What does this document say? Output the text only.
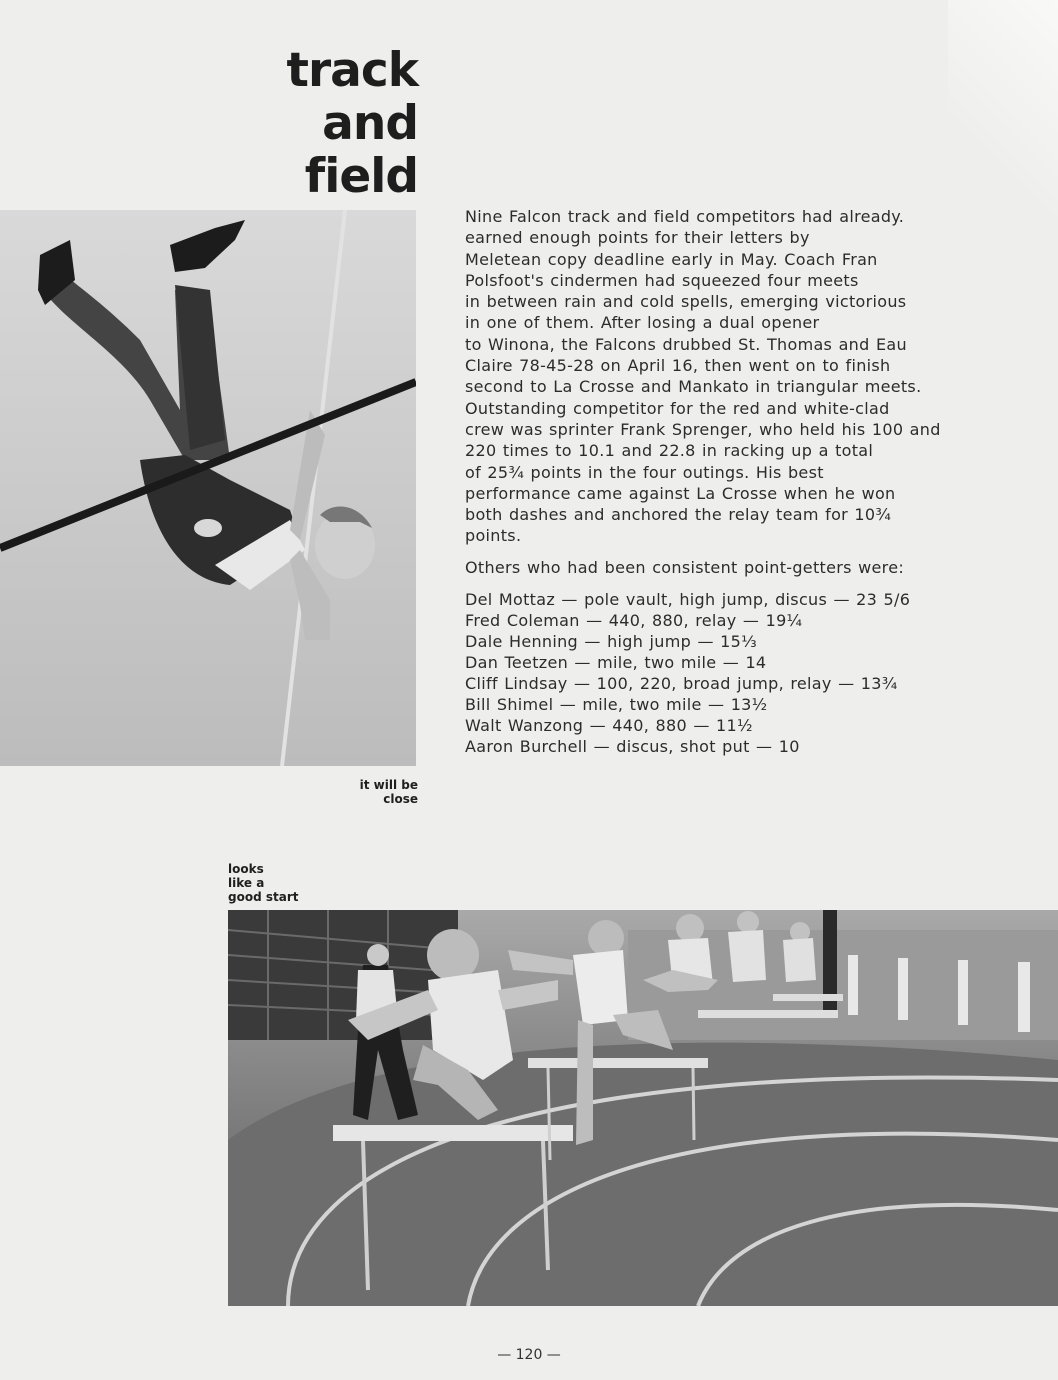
track
and
field
it will be
close
Nine Falcon track and field competitors had already.
earned enough points for their letters by
Meletean copy deadline early in May. Coach Fran
Polsfoot's cindermen had squeezed four meets
in between rain and cold spells, emerging victorious
in one of them. After losing a dual opener
to Winona, the Falcons drubbed St. Thomas and Eau
Claire 78-45-28 on April 16, then went on to finish
second to La Crosse and Mankato in triangular meets.
Outstanding competitor for the red and white-clad
crew was sprinter Frank Sprenger, who held his 100 and
220 times to 10.1 and 22.8 in racking up a total
of 25¾ points in the four outings. His best
performance came against La Crosse when he won
both dashes and anchored the relay team for 10¾
points.
Others who had been consistent point-getters were:
Del Mottaz — pole vault, high jump, discus — 23 5/6
Fred Coleman — 440, 880, relay — 19¼
Dale Henning — high jump — 15⅓
Dan Teetzen — mile, two mile — 14
Cliff Lindsay — 100, 220, broad jump, relay — 13¾
Bill Shimel — mile, two mile — 13½
Walt Wanzong — 440, 880 — 11½
Aaron Burchell — discus, shot put — 10
looks
like a
good start
— 120 —
